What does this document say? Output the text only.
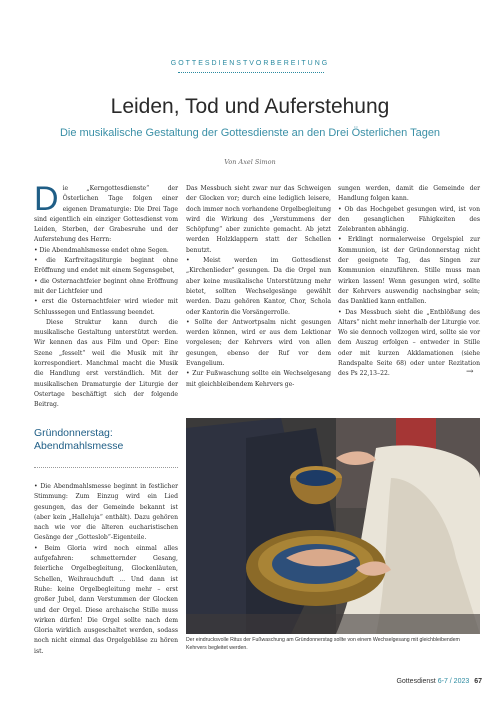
GOTTESDIENSTVORBEREITUNG
Leiden, Tod und Auferstehung
Die musikalische Gestaltung der Gottesdienste an den Drei Österlichen Tagen
Von Axel Simon
D ie „Kerngottesdienste“ der Österlichen Tage folgen einer eigenen Dramaturgie: Die Drei Tage sind eigentlich ein einziger Gottesdienst vom Leiden, Sterben, der Grabesruhe und der Auferstehung des Herrn:

• Die Abendmahlsmesse endet ohne Segen.

• die Karfreitagsliturgie beginnt ohne Eröffnung und endet mit einem Segensgebet,

• die Osternachtfeier beginnt ohne Eröffnung mit der Lichtfeier und

• erst die Osternachtfeier wird wieder mit Schlusssegen und Entlassung beendet.

Diese Struktur kann durch die musikalische Gestaltung unterstützt werden. Wir kennen das aus Film und Oper: Eine Szene „fesselt“ weil die Musik mit ihr korrespondiert. Manchmal macht die Musik die Handlung erst verständlich. Mit der musikalischen Dramaturgie der Liturgie der Ostertage beschäftigt sich der folgende Beitrag.

Gründonnerstag:
Abendmahlsmesse

• Die Abendmahlsmesse beginnt in festlicher Stimmung: Zum Einzug wird ein Lied gesungen, das der Gemeinde bekannt ist (aber kein „Halleluja“ enthält). Dazu gehören nach wie vor die älteren eucharistischen Gesänge der „Gotteslob“-Eigenteile.

• Beim Gloria wird noch einmal alles aufgefahren: schmetternder Gesang, feierliche Orgelbegleitung, Glockenläuten, Schellen, Weihrauchduft ... Und dann ist Ruhe: keine Orgelbegleitung mehr – erst großer Jubel, dann Verstummen der Glocken und der Orgel. Diese archaische Stille muss wirken dürfen! Die Orgel sollte nach dem Gloria wirklich ausgeschaltet werden, sodass noch nicht einmal das Orgelgebläse zu hören ist.

Das Messbuch sieht zwar nur das Schweigen der Glocken vor; durch eine lediglich leisere, doch immer noch vorhandene Orgelbegleitung wird die Wirkung des „Verstummens der Schöpfung“ aber zunichte gemacht. Ab jetzt werden Holzklappern statt der Schellen benutzt.

• Meist werden im Gottesdienst „Kirchenlieder“ gesungen. Da die Orgel nun aber keine musikalische Unterstützung mehr bietet, sollten Wechselgesänge gewählt werden. Dazu gehören Kantor, Chor, Schola oder Kantorin die Vorsängerrolle.

• Sollte der Antwortpsalm nicht gesungen werden können, wird er aus dem Lektionar vorgelesen; der Kehrvers wird von allen gesungen, ebenso der Ruf vor dem Evangelium.

• Zur Fußwaschung sollte ein Wechselgesang mit gleichbleibendem Kehrvers ge-

sungen werden, damit die Gemeinde der Handlung folgen kann.

• Ob das Hochgebet gesungen wird, ist von den gesanglichen Fähigkeiten des Zelebranten abhängig.

• Erklingt normalerweise Orgelspiel zur Kommunion, ist der Gründonnerstag nicht der geeignete Tag, das Singen zur Kommunion einzuführen. Stille muss man wirken lassen! Wenn gesungen wird, sollte der Kehrvers auswendig nachsingbar sein; das Danklied kann entfallen.

• Das Messbuch sieht die „Entblößung des Altars“ nicht mehr innerhalb der Liturgie vor. Wo sie dennoch vollzogen wird, sollte sie vor dem Auszug erfolgen – entweder in Stille oder mit kurzen Akklamationen (siehe Randspalte Seite 68) oder unter Rezitation des Ps 22,13–22.	→
Der eindrucksvolle Ritus der Fußwaschung am Gründonnerstag sollte von einem Wechselgesang mit gleichbleibendem Kehrvers begleitet werden.
Gottesdienst 6-7 / 2023 67
